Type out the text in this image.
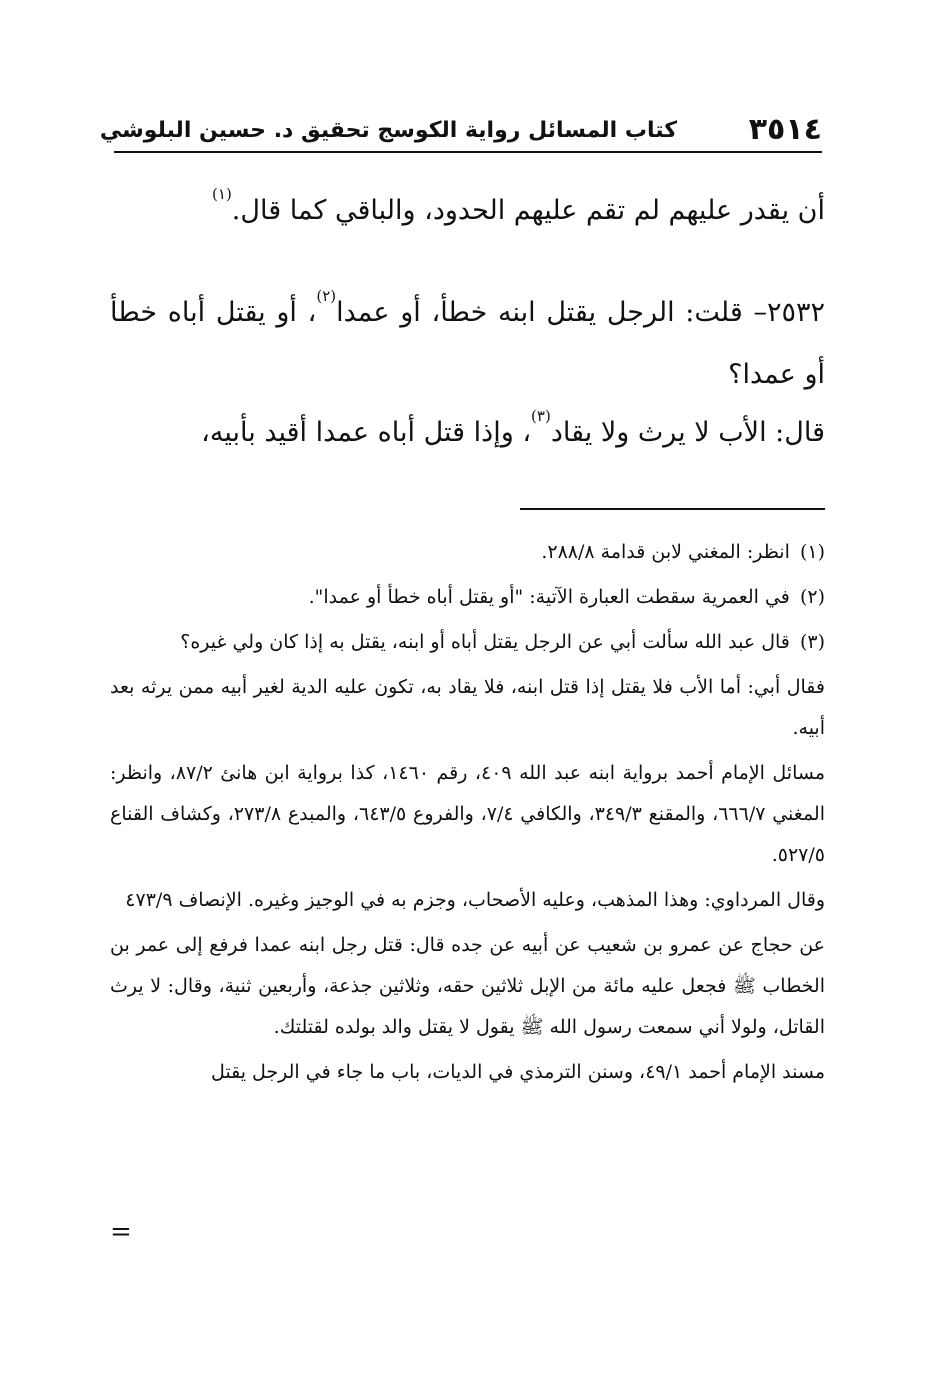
٣٥١٤
كتاب المسائل رواية الكوسج تحقيق د. حسين البلوشي
أن يقدر عليهم لم تقم عليهم الحدود، والباقي كما قال.$^{(١)}$
٢٥٣٢– قلت: الرجل يقتل ابنه خطأ، أو عمدا$^{(٢)}$، أو يقتل أباه خطأ أو عمدا؟
قال: الأب لا يرث ولا يقاد$^{(٣)}$، وإذا قتل أباه عمدا أقيد بأبيه،

(١) انظر: المغني لابن قدامة ٢٨٨/٨.

(٢) في العمرية سقطت العبارة الآتية: "أو يقتل أباه خطأ أو عمدا".

(٣) قال عبد الله سألت أبي عن الرجل يقتل أباه أو ابنه، يقتل به إذا كان ولي غيره؟

فقال أبي: أما الأب فلا يقتل إذا قتل ابنه، فلا يقاد به، تكون عليه الدية لغير أبيه ممن يرثه بعد أبيه.

مسائل الإمام أحمد برواية ابنه عبد الله ٤٠٩، رقم ١٤٦٠، كذا برواية ابن هانئ ٨٧/٢، وانظر: المغني ٦٦٦/٧، والمقنع ٣٤٩/٣، والكافي ٧/٤، والفروع ٦٤٣/٥، والمبدع ٢٧٣/٨، وكشاف القناع ٥٢٧/٥.

وقال المرداوي: وهذا المذهب، وعليه الأصحاب، وجزم به في الوجيز وغيره. الإنصاف ٤٧٣/٩

عن حجاج عن عمرو بن شعيب عن أبيه عن جده قال: قتل رجل ابنه عمدا فرفع إلى عمر بن الخطاب ﷺ فجعل عليه مائة من الإبل ثلاثين حقه، وثلاثين جذعة، وأربعين ثنية، وقال: لا يرث القاتل، ولولا أني سمعت رسول الله ﷺ يقول لا يقتل والد بولده لقتلتك.

مسند الإمام أحمد ٤٩/١، وسنن الترمذي في الديات، باب ما جاء في الرجل يقتل

=
